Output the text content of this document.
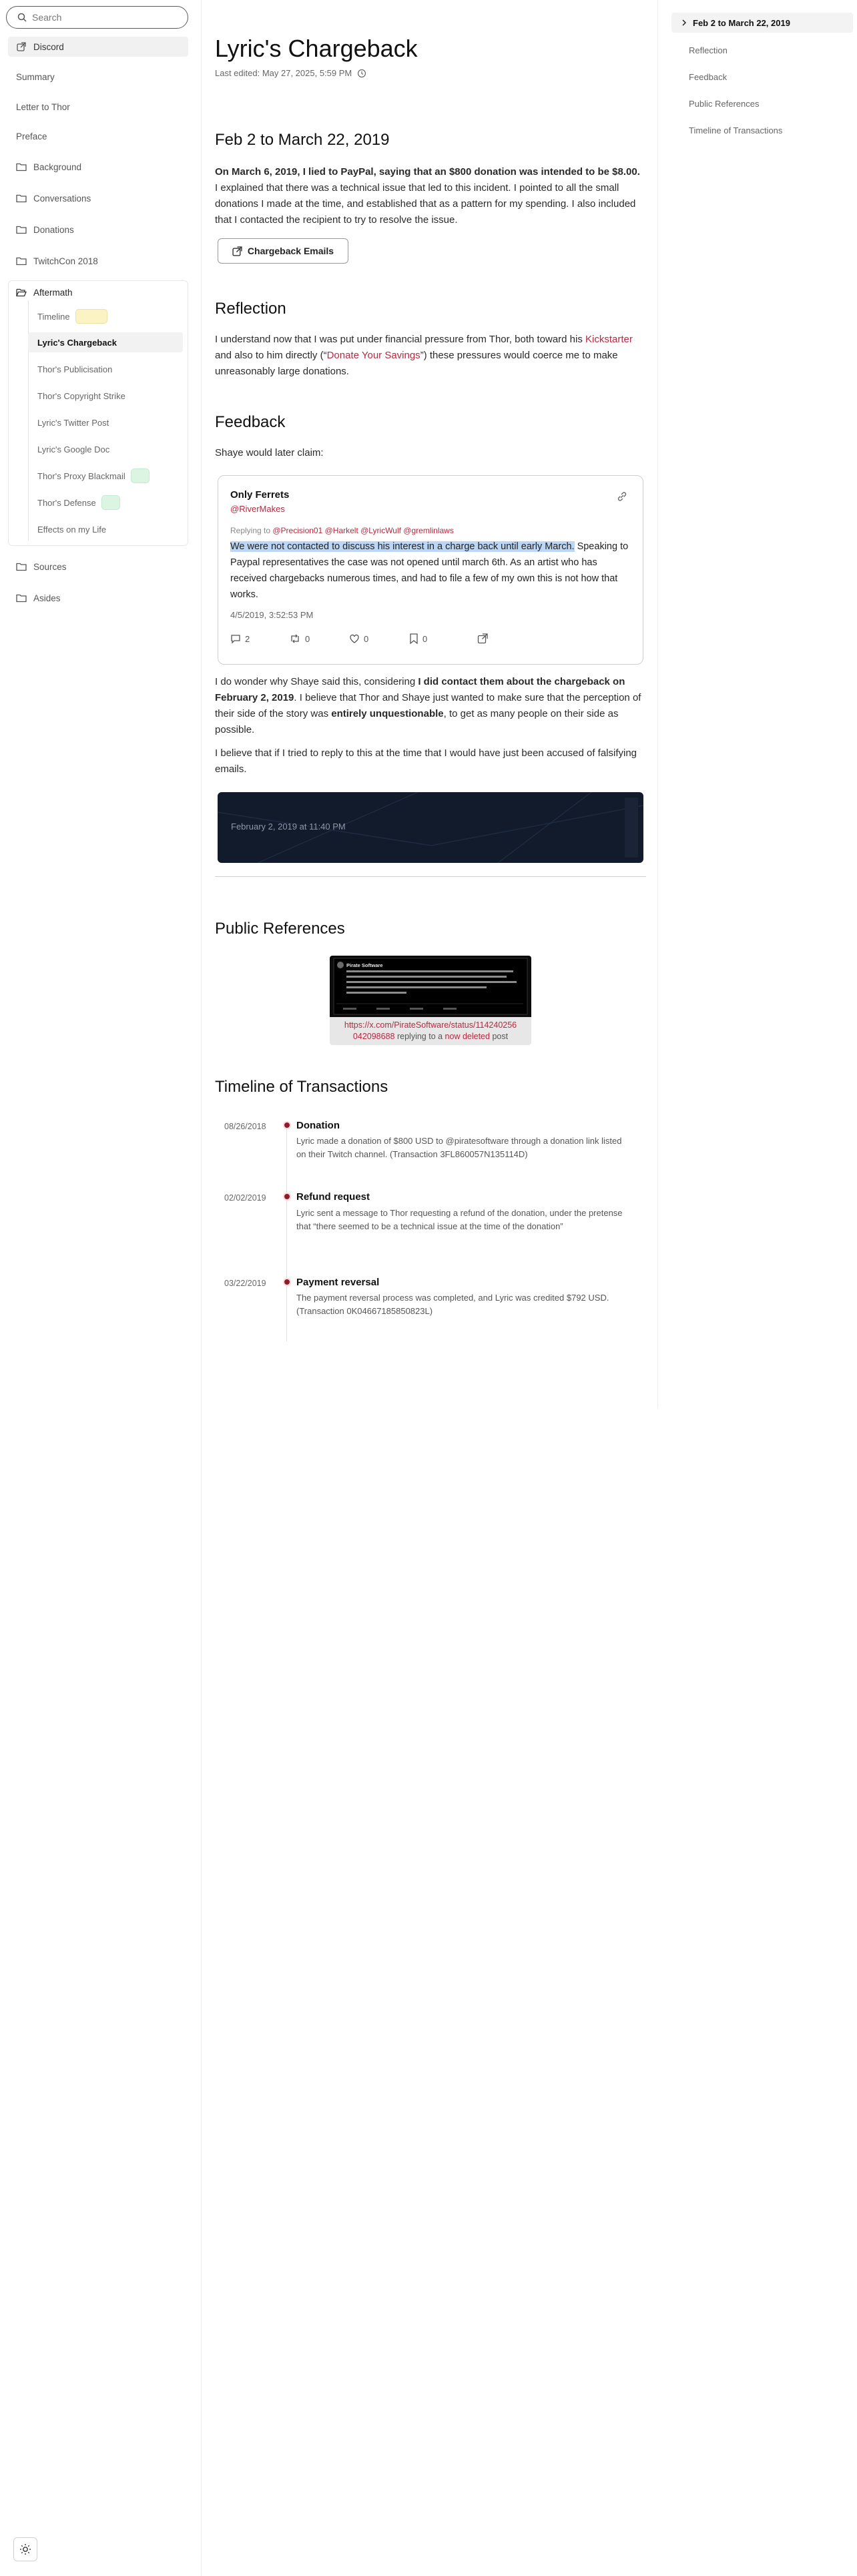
Search
Discord
Summary
Letter to Thor
Preface
Background
Conversations
Donations
TwitchCon 2018
Aftermath
Timeline
Lyric's Chargeback
Thor's Publicisation
Thor's Copyright Strike
Lyric's Twitter Post
Lyric's Google Doc
Thor's Proxy Blackmail
Thor's Defense
Effects on my Life
Sources
Asides
Lyric's Chargeback
Last edited: May 27, 2025, 5:59 PM
Feb 2 to March 22, 2019
On March 6, 2019, I lied to PayPal, saying that an $800 donation was intended to be $8.00. I explained that there was a technical issue that led to this incident. I pointed to all the small donations I made at the time, and established that as a pattern for my spending. I also included that I contacted the recipient to try to resolve the issue.
Chargeback Emails
Reflection
I understand now that I was put under financial pressure from Thor, both toward his Kickstarter and also to him directly (“Donate Your Savings”) these pressures would coerce me to make unreasonably large donations.
Feedback
Shaye would later claim:
Only Ferrets
@RiverMakes
Replying to @Precision01 @Harkelt @LyricWulf @gremlinlaws
We were not contacted to discuss his interest in a charge back until early March. Speaking to Paypal representatives the case was not opened until march 6th. As an artist who has received chargebacks numerous times, and had to file a few of my own this is not how that works.
4/5/2019, 3:52:53 PM
2	0	0	0
I do wonder why Shaye said this, considering I did contact them about the chargeback on February 2, 2019. I believe that Thor and Shaye just wanted to make sure that the perception of their side of the story was entirely unquestionable, to get as many people on their side as possible.
I believe that if I tried to reply to this at the time that I would have just been accused of falsifying emails.
February 2, 2019 at 11:40 PM
Public References
Pirate Software
https://x.com/PirateSoftware/status/114240256
042098688 replying to a now deleted post
Timeline of Transactions
08/26/2018	Donation
Lyric made a donation of $800 USD to @piratesoftware through a donation link listed on their Twitch channel. (Transaction 3FL860057N135114D)
02/02/2019	Refund request
Lyric sent a message to Thor requesting a refund of the donation, under the pretense that “there seemed to be a technical issue at the time of the donation”
03/22/2019	Payment reversal
The payment reversal process was completed, and Lyric was credited $792 USD. (Transaction 0K04667185850823L)
Feb 2 to March 22, 2019
Reflection
Feedback
Public References
Timeline of Transactions
